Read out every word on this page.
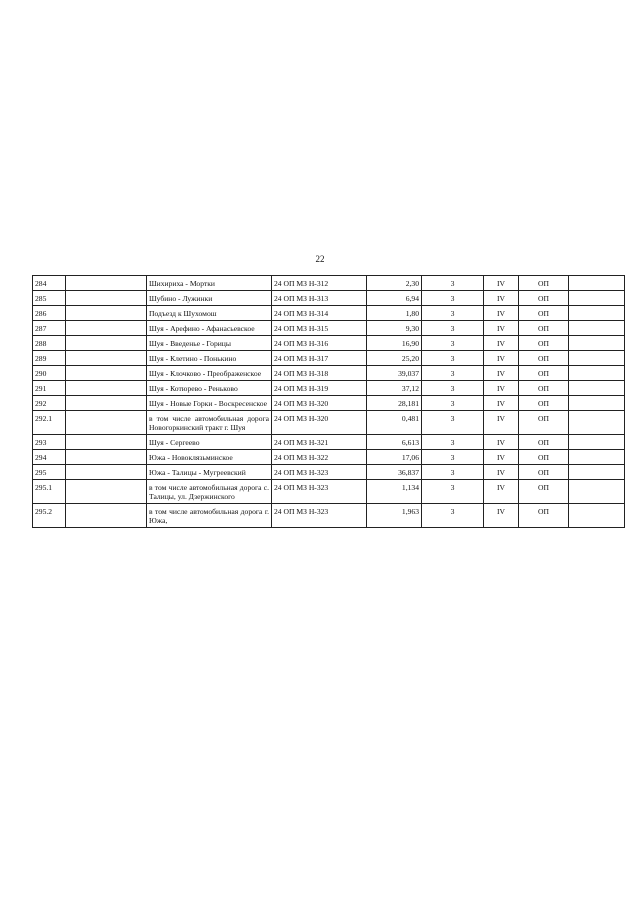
22
284		Шихириха - Мортки	24 ОП МЗ Н-312	2,30	3	IV	ОП	
285		Шубино - Лужинки	24 ОП МЗ Н-313	6,94	3	IV	ОП	
286		Подъезд к Шухомош	24 ОП МЗ Н-314	1,80	3	IV	ОП	
287		Шуя - Арефино - Афанасьевское	24 ОП МЗ Н-315	9,30	3	IV	ОП	
288		Шуя - Введенье - Горицы	24 ОП МЗ Н-316	16,90	3	IV	ОП	
289		Шуя - Клетино - Понькино	24 ОП МЗ Н-317	25,20	3	IV	ОП	
290		Шуя - Клочково - Преображенское	24 ОП МЗ Н-318	39,037	3	IV	ОП	
291		Шуя - Котюрево - Реньково	24 ОП МЗ Н-319	37,12	3	IV	ОП	
292		Шуя - Новые Горки - Воскресенское	24 ОП МЗ Н-320	28,181	3	IV	ОП	
292.1		в том числе автомобильная дорога Новогоркинский тракт г. Шуя	24 ОП МЗ Н-320	0,481	3	IV	ОП	
293		Шуя - Сергеево	24 ОП МЗ Н-321	6,613	3	IV	ОП	
294		Южа - Новоклязьминское	24 ОП МЗ Н-322	17,06	3	IV	ОП	
295		Южа - Талицы - Мугреевский	24 ОП МЗ Н-323	36,837	3	IV	ОП	
295.1		в том числе автомобильная дорога с. Талицы, ул. Дзержинского	24 ОП МЗ Н-323	1,134	3	IV	ОП	
295.2		в том числе автомобильная дорога г. Южа,	24 ОП МЗ Н-323	1,963	3	IV	ОП	
